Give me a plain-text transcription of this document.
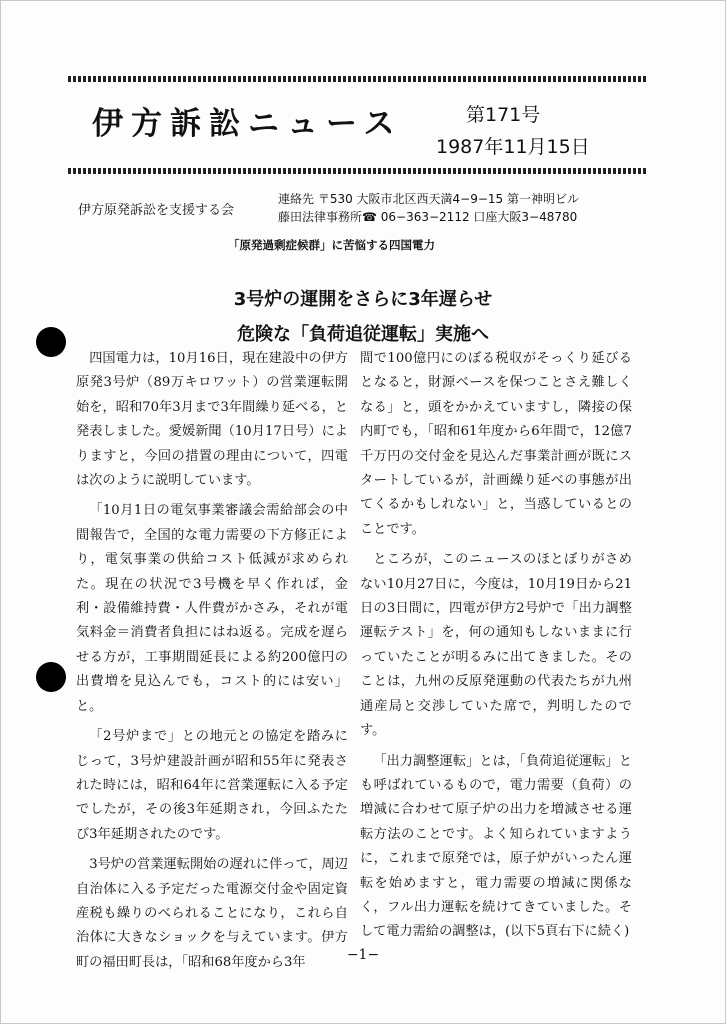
伊方訴訟ニュース	第171号
1987年11月15日
伊方原発訴訟を支援する会
連絡先 〒530 大阪市北区西天満4−9−15 第一神明ビル
藤田法律事務所☎ 06−363−2112 口座大阪3−48780
「原発過剰症候群」に苦悩する四国電力
3号炉の運開をさらに3年遅らせ
危険な「負荷追従運転」実施へ

四国電力は，10月16日，現在建設中の伊方原発3号炉（89万キロワット）の営業運転開始を，昭和70年3月まで3年間繰り延べる，と発表しました。愛媛新聞（10月17日号）によりますと，今回の措置の理由について，四電は次のように説明しています。

「10月1日の電気事業審議会需給部会の中間報告で，全国的な電力需要の下方修正により，電気事業の供給コスト低減が求められた。現在の状況で3号機を早く作れば，金利・設備維持費・人件費がかさみ，それが電気料金＝消費者負担にはね返る。完成を遅らせる方が，工事期間延長による約200億円の出費増を見込んでも，コスト的には安い」と。

「2号炉まで」との地元との協定を踏みにじって，3号炉建設計画が昭和55年に発表された時には，昭和64年に営業運転に入る予定でしたが，その後3年延期され，今回ふたたび3年延期されたのです。

3号炉の営業運転開始の遅れに伴って，周辺自治体に入る予定だった電源交付金や固定資産税も繰りのべられることになり，これら自治体に大きなショックを与えています。伊方町の福田町長は，「昭和68年度から3年

間で100億円にのぼる税収がそっくり延びるとなると，財源ベースを保つことさえ難しくなる」と，頭をかかえていますし，隣接の保内町でも，「昭和61年度から6年間で，12億7千万円の交付金を見込んだ事業計画が既にスタートしているが，計画繰り延べの事態が出てくるかもしれない」と，当惑しているとのことです。

ところが，このニュースのほとぼりがさめない10月27日に，今度は，10月19日から21日の3日間に，四電が伊方2号炉で「出力調整運転テスト」を，何の通知もしないままに行っていたことが明るみに出てきました。そのことは，九州の反原発運動の代表たちが九州通産局と交渉していた席で，判明したのです。

「出力調整運転」とは，「負荷追従運転」とも呼ばれているもので，電力需要（負荷）の増減に合わせて原子炉の出力を増減させる運転方法のことです。よく知られていますように，これまで原発では，原子炉がいったん運転を始めますと，電力需要の増減に関係なく，フル出力運転を続けてきていました。そして電力需給の調整は，(以下5頁右下に続く)

−1−
